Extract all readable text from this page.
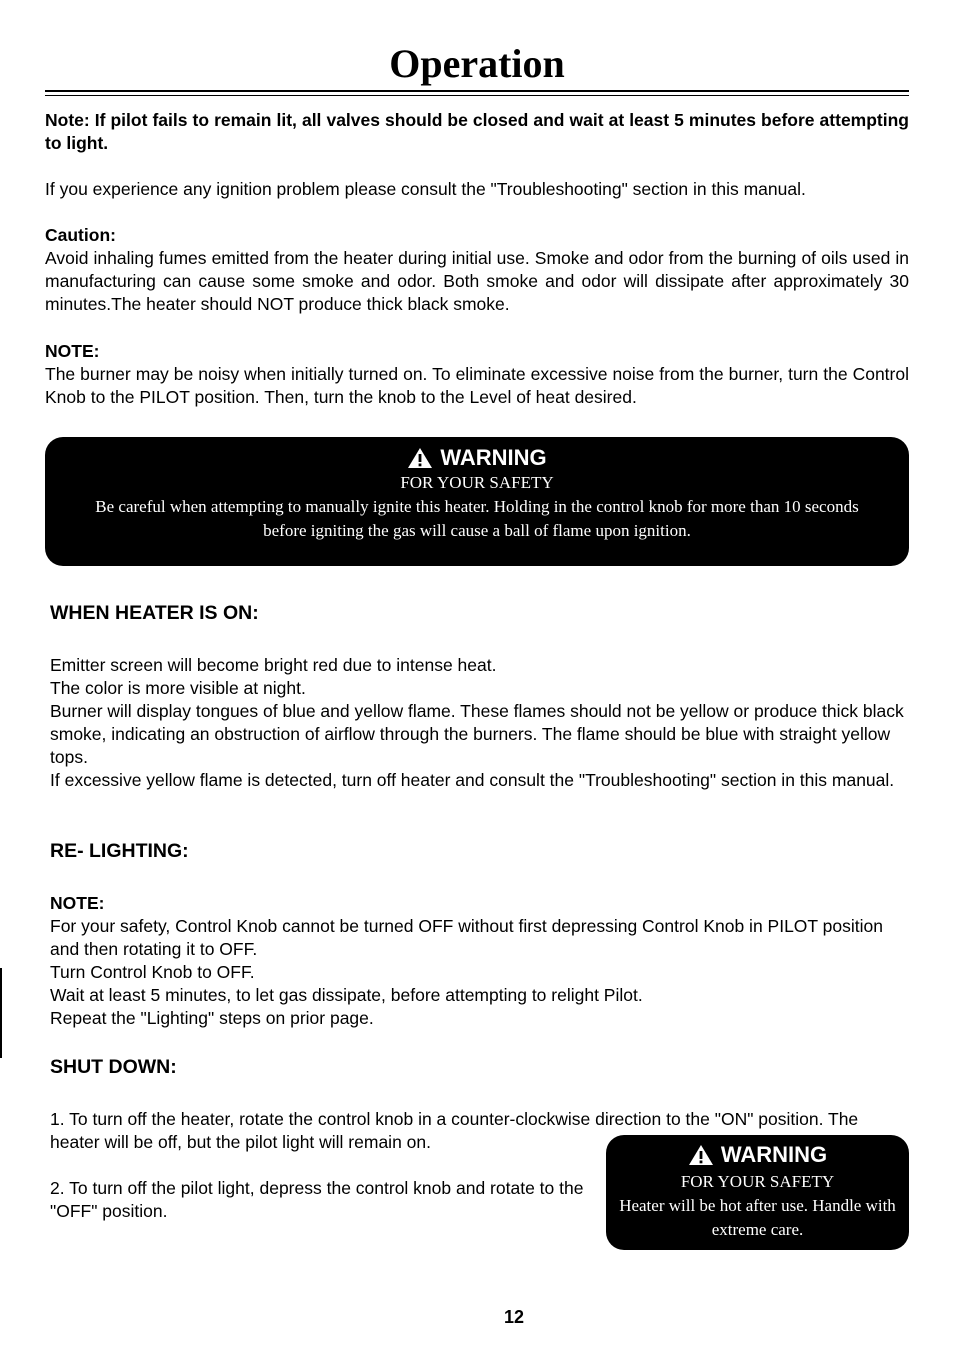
Operation

Note: If pilot fails to remain lit, all valves should be closed and wait at least 5 minutes before attempting to light.

If you experience any ignition problem please consult the "Troubleshooting" section in this manual.

Caution:

Avoid inhaling fumes emitted from the heater during initial use. Smoke and odor from the burning of oils used in manufacturing can cause some smoke and odor. Both smoke and odor will dissipate after approximately 30 minutes.The heater should NOT produce thick black smoke.

NOTE:

The burner may be noisy when initially turned on. To eliminate excessive noise from the burner, turn the Control Knob to the PILOT position. Then, turn the knob to the Level of heat desired.

WARNING
FOR YOUR SAFETY
Be careful when attempting to manually ignite this heater. Holding in the control knob for more than 10 seconds before igniting the gas will cause a ball of flame upon ignition.
WHEN HEATER IS ON:

Emitter screen will become bright red due to intense heat.

The color is more visible at night.

Burner will display tongues of blue and yellow flame. These flames should not be yellow or produce thick black smoke, indicating an obstruction of airflow through the burners. The flame should be blue with straight yellow tops.

If excessive yellow flame is detected, turn off heater and consult the "Troubleshooting" section in this manual.

RE- LIGHTING:

NOTE:

For your safety, Control Knob cannot be turned OFF without first depressing Control Knob in PILOT position and then rotating it to OFF.

Turn Control Knob to OFF.

Wait at least 5 minutes, to let gas dissipate, before attempting to relight Pilot.

Repeat the "Lighting" steps on prior page.

SHUT DOWN:

1. To turn off the heater, rotate the control knob in a counter-clockwise direction to the "ON" position. The heater will be off, but the pilot light will remain on.

2. To turn off the pilot light, depress the control knob and rotate to the "OFF" position.

WARNING
FOR YOUR SAFETY
Heater will be hot after use. Handle with extreme care.
12
